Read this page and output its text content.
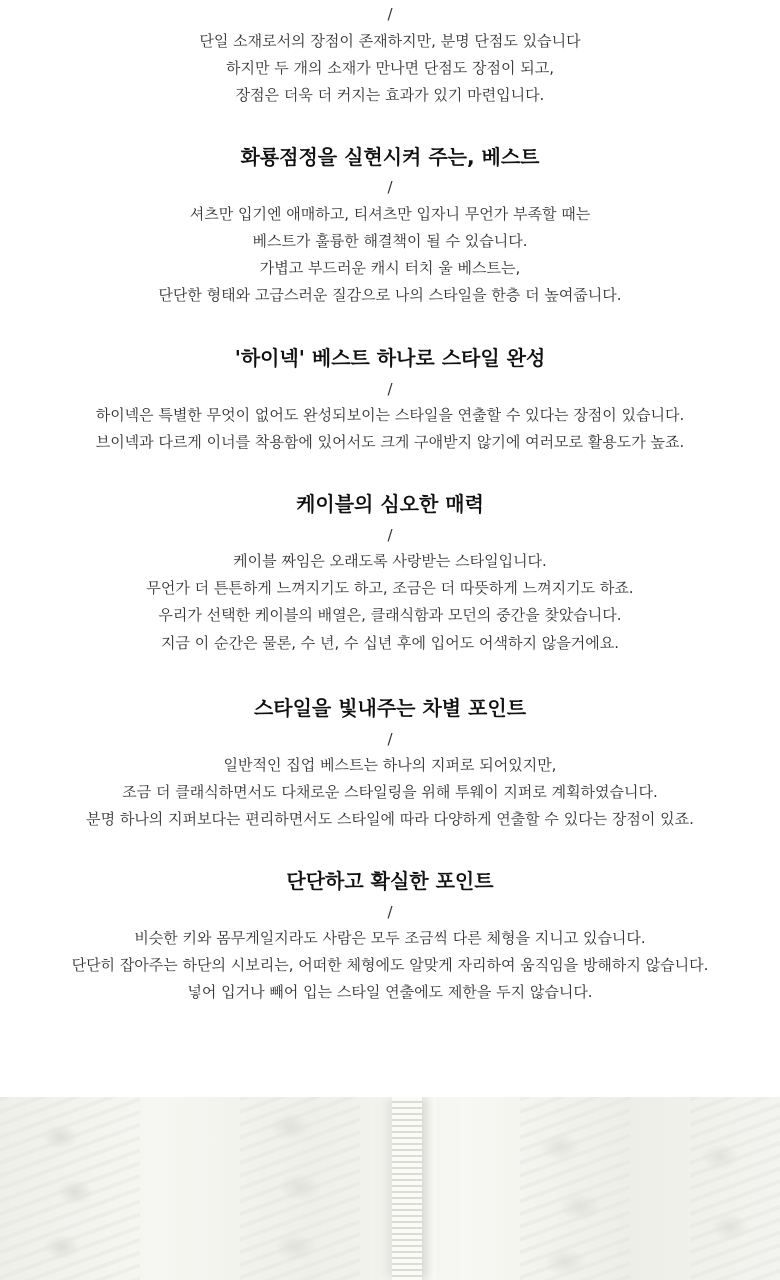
/
단일 소재로서의 장점이 존재하지만, 분명 단점도 있습니다
하지만 두 개의 소재가 만나면 단점도 장점이 되고,
장점은 더욱 더 커지는 효과가 있기 마련입니다.
화룡점정을 실현시켜 주는, 베스트
/
셔츠만 입기엔 애매하고, 티셔츠만 입자니 무언가 부족할 때는
베스트가 훌륭한 해결책이 될 수 있습니다.
가볍고 부드러운 캐시 터치 울 베스트는,
단단한 형태와 고급스러운 질감으로 나의 스타일을 한층 더 높여줍니다.
'하이넥' 베스트 하나로 스타일 완성
/
하이넥은 특별한 무엇이 없어도 완성되보이는 스타일을 연출할 수 있다는 장점이 있습니다.
브이넥과 다르게 이너를 착용함에 있어서도 크게 구애받지 않기에 여러모로 활용도가 높죠.
케이블의 심오한 매력
/
케이블 짜임은 오래도록 사랑받는 스타일입니다.
무언가 더 튼튼하게 느껴지기도 하고, 조금은 더 따뜻하게 느껴지기도 하죠.
우리가 선택한 케이블의 배열은, 클래식함과 모던의 중간을 찾았습니다.
지금 이 순간은 물론, 수 년, 수 십년 후에 입어도 어색하지 않을거에요.
스타일을 빛내주는 차별 포인트
/
일반적인 집업 베스트는 하나의 지퍼로 되어있지만,
조금 더 클래식하면서도 다채로운 스타일링을 위해 투웨이 지퍼로 계획하였습니다.
분명 하나의 지퍼보다는 편리하면서도 스타일에 따라 다양하게 연출할 수 있다는 장점이 있죠.
단단하고 확실한 포인트
/
비슷한 키와 몸무게일지라도 사람은 모두 조금씩 다른 체형을 지니고 있습니다.
단단히 잡아주는 하단의 시보리는, 어떠한 체형에도 알맞게 자리하여 움직임을 방해하지 않습니다.
넣어 입거나 빼어 입는 스타일 연출에도 제한을 두지 않습니다.
